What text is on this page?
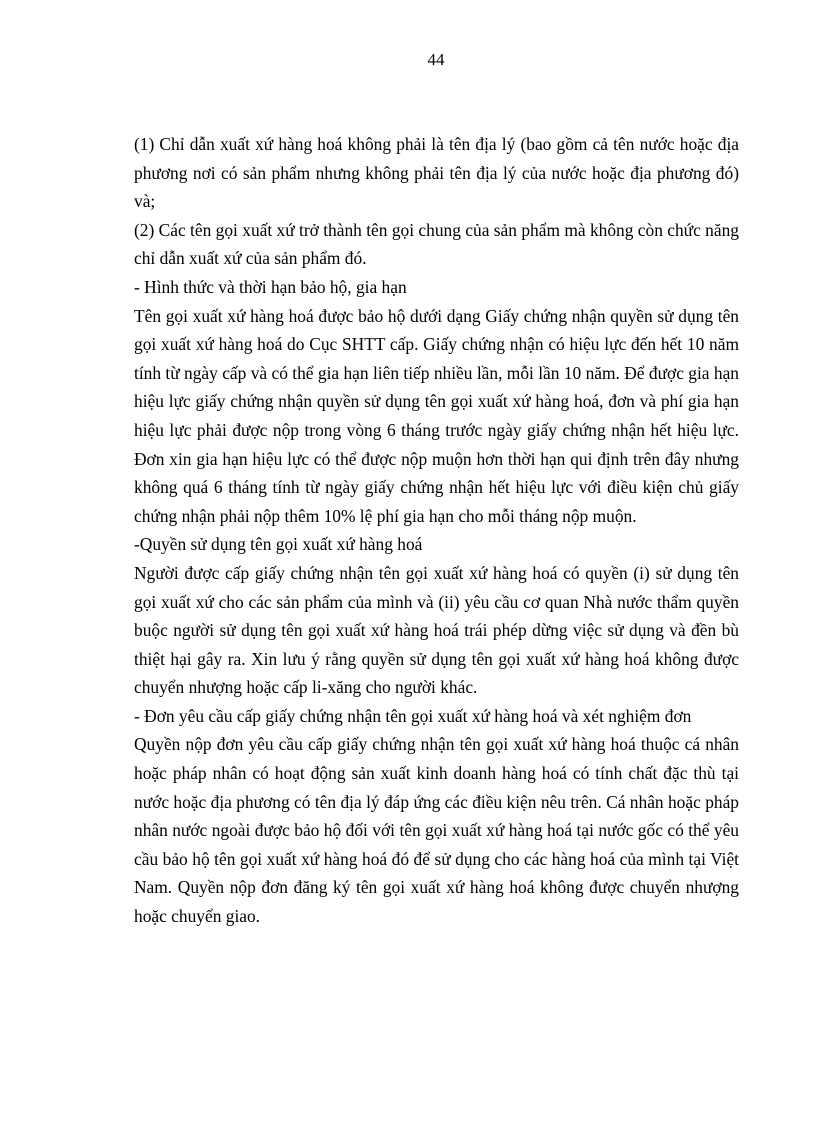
44

(1) Chỉ dẫn xuất xứ hàng hoá không phải là tên địa lý (bao gồm cả tên nước hoặc địa phương nơi có sản phẩm nhưng không phải tên địa lý của nước hoặc địa phương đó) và;

(2) Các tên gọi xuất xứ trở thành tên gọi chung của sản phẩm mà không còn chức năng chỉ dẫn xuất xứ của sản phẩm đó.

- Hình thức và thời hạn bảo hộ, gia hạn

Tên gọi xuất xứ hàng hoá được bảo hộ dưới dạng Giấy chứng nhận quyền sử dụng tên gọi xuất xứ hàng hoá do Cục SHTT cấp. Giấy chứng nhận có hiệu lực đến hết 10 năm tính từ ngày cấp và có thể gia hạn liên tiếp nhiều lần, mỗi lần 10 năm. Để được gia hạn hiệu lực giấy chứng nhận quyền sử dụng tên gọi xuất xứ hàng hoá, đơn và phí gia hạn hiệu lực phải được nộp trong vòng 6 tháng trước ngày giấy chứng nhận hết hiệu lực. Đơn xin gia hạn hiệu lực có thể được nộp muộn hơn thời hạn qui định trên đây nhưng không quá 6 tháng tính từ ngày giấy chứng nhận hết hiệu lực với điều kiện chủ giấy chứng nhận phải nộp thêm 10% lệ phí gia hạn cho mỗi tháng nộp muộn.

-Quyền sử dụng tên gọi xuất xứ hàng hoá

Người được cấp giấy chứng nhận tên gọi xuất xứ hàng hoá có quyền (i) sử dụng tên gọi xuất xứ cho các sản phẩm của mình và (ii) yêu cầu cơ quan Nhà nước thẩm quyền buộc người sử dụng tên gọi xuất xứ hàng hoá trái phép dừng việc sử dụng và đền bù thiệt hại gây ra. Xin lưu ý rằng quyền sử dụng tên gọi xuất xứ hàng hoá không được chuyển nhượng hoặc cấp li-xăng cho người khác.

- Đơn yêu cầu cấp giấy chứng nhận tên gọi xuất xứ hàng hoá và xét nghiệm đơn

Quyền nộp đơn yêu cầu cấp giấy chứng nhận tên gọi xuất xứ hàng hoá thuộc cá nhân hoặc pháp nhân có hoạt động sản xuất kinh doanh hàng hoá có tính chất đặc thù tại nước hoặc địa phương có tên địa lý đáp ứng các điều kiện nêu trên. Cá nhân hoặc pháp nhân nước ngoài được bảo hộ đối với tên gọi xuất xứ hàng hoá tại nước gốc có thể yêu cầu bảo hộ tên gọi xuất xứ hàng hoá đó để sử dụng cho các hàng hoá của mình tại Việt Nam. Quyền nộp đơn đăng ký tên gọi xuất xứ hàng hoá không được chuyển nhượng hoặc chuyển giao.
